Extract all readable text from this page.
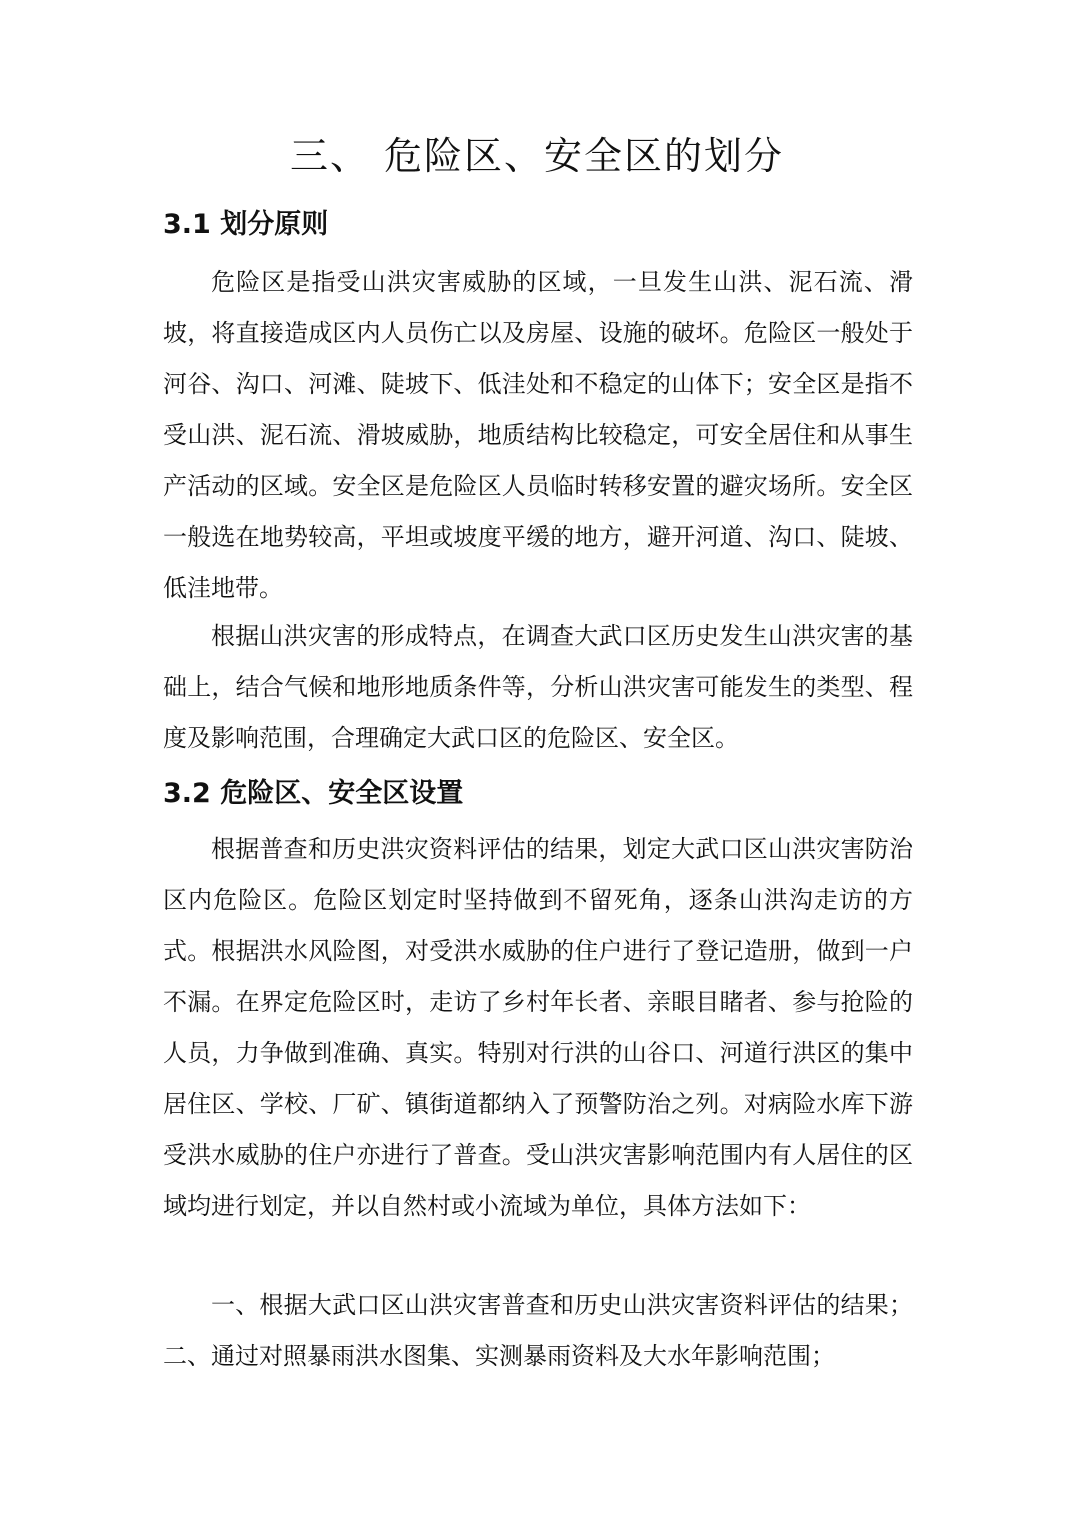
三、 危险区、安全区的划分
3.1 划分原则

危险区是指受山洪灾害威胁的区域，一旦发生山洪、泥石流、滑坡，将直接造成区内人员伤亡以及房屋、设施的破坏。危险区一般处于河谷、沟口、河滩、陡坡下、低洼处和不稳定的山体下；安全区是指不受山洪、泥石流、滑坡威胁，地质结构比较稳定，可安全居住和从事生产活动的区域。安全区是危险区人员临时转移安置的避灾场所。安全区一般选在地势较高，平坦或坡度平缓的地方，避开河道、沟口、陡坡、低洼地带。

根据山洪灾害的形成特点，在调查大武口区历史发生山洪灾害的基础上，结合气候和地形地质条件等，分析山洪灾害可能发生的类型、程度及影响范围，合理确定大武口区的危险区、安全区。

3.2 危险区、安全区设置

根据普查和历史洪灾资料评估的结果，划定大武口区山洪灾害防治区内危险区。危险区划定时坚持做到不留死角，逐条山洪沟走访的方式。根据洪水风险图，对受洪水威胁的住户进行了登记造册，做到一户不漏。在界定危险区时，走访了乡村年长者、亲眼目睹者、参与抢险的人员，力争做到准确、真实。特别对行洪的山谷口、河道行洪区的集中居住区、学校、厂矿、镇街道都纳入了预警防治之列。对病险水库下游受洪水威胁的住户亦进行了普查。受山洪灾害影响范围内有人居住的区域均进行划定，并以自然村或小流域为单位，具体方法如下：

一、根据大武口区山洪灾害普查和历史山洪灾害资料评估的结果；二、通过对照暴雨洪水图集、实测暴雨资料及大水年影响范围；
